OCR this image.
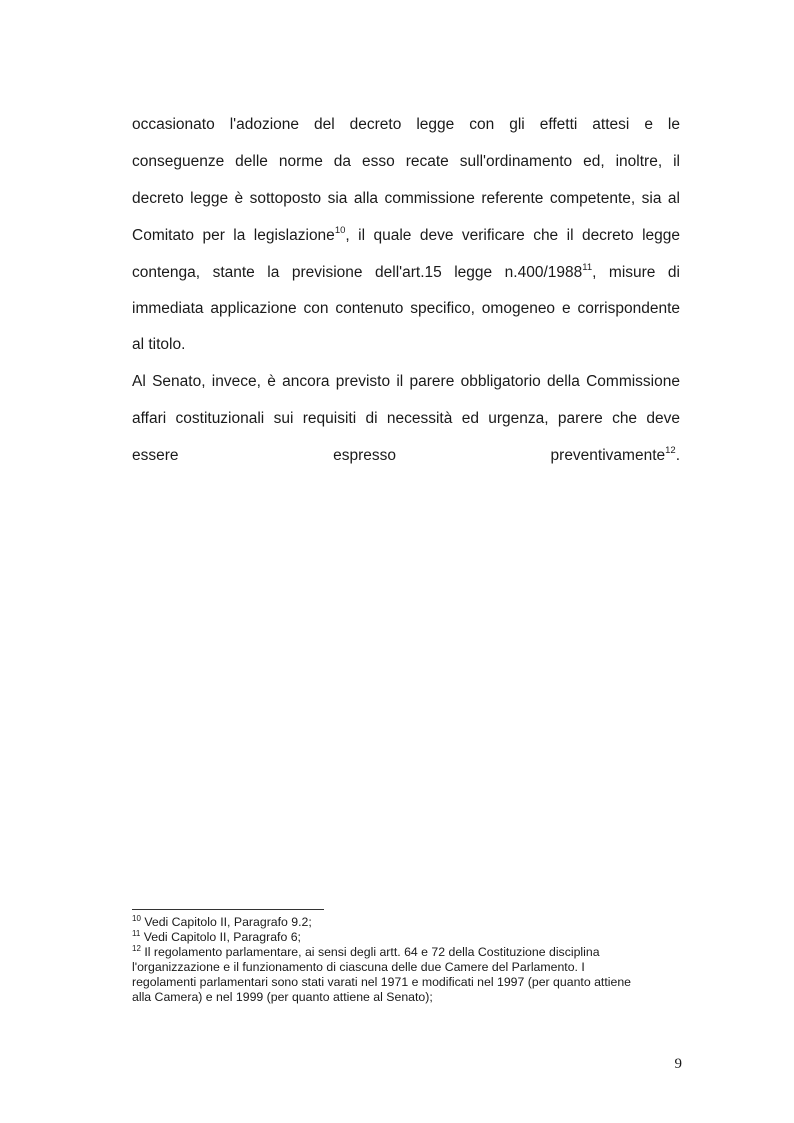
occasionato l'adozione del decreto legge con gli effetti attesi e le
conseguenze delle norme da esso recate sull'ordinamento ed, inoltre, il
decreto legge è sottoposto sia alla commissione referente competente, sia al
Comitato per la legislazione$^{10}$, il quale deve verificare che il decreto legge
contenga, stante la previsione dell'art.15 legge n.400/1988$^{11}$, misure di
immediata applicazione con contenuto specifico, omogeneo e corrispondente
al titolo.
Al Senato, invece, è ancora previsto il parere obbligatorio della Commissione
affari costituzionali sui requisiti di necessità ed urgenza, parere che deve
essere	espresso	preventivamente$^{12}$.
$^{10}$ Vedi Capitolo II, Paragrafo 9.2;
$^{11}$ Vedi Capitolo II, Paragrafo 6;
$^{12}$ Il regolamento parlamentare, ai sensi degli artt. 64 e 72 della Costituzione disciplina
l'organizzazione e il funzionamento di ciascuna delle due Camere del Parlamento. I
regolamenti parlamentari sono stati varati nel 1971 e modificati nel 1997 (per quanto attiene
alla Camera) e nel 1999 (per quanto attiene al Senato);
9
